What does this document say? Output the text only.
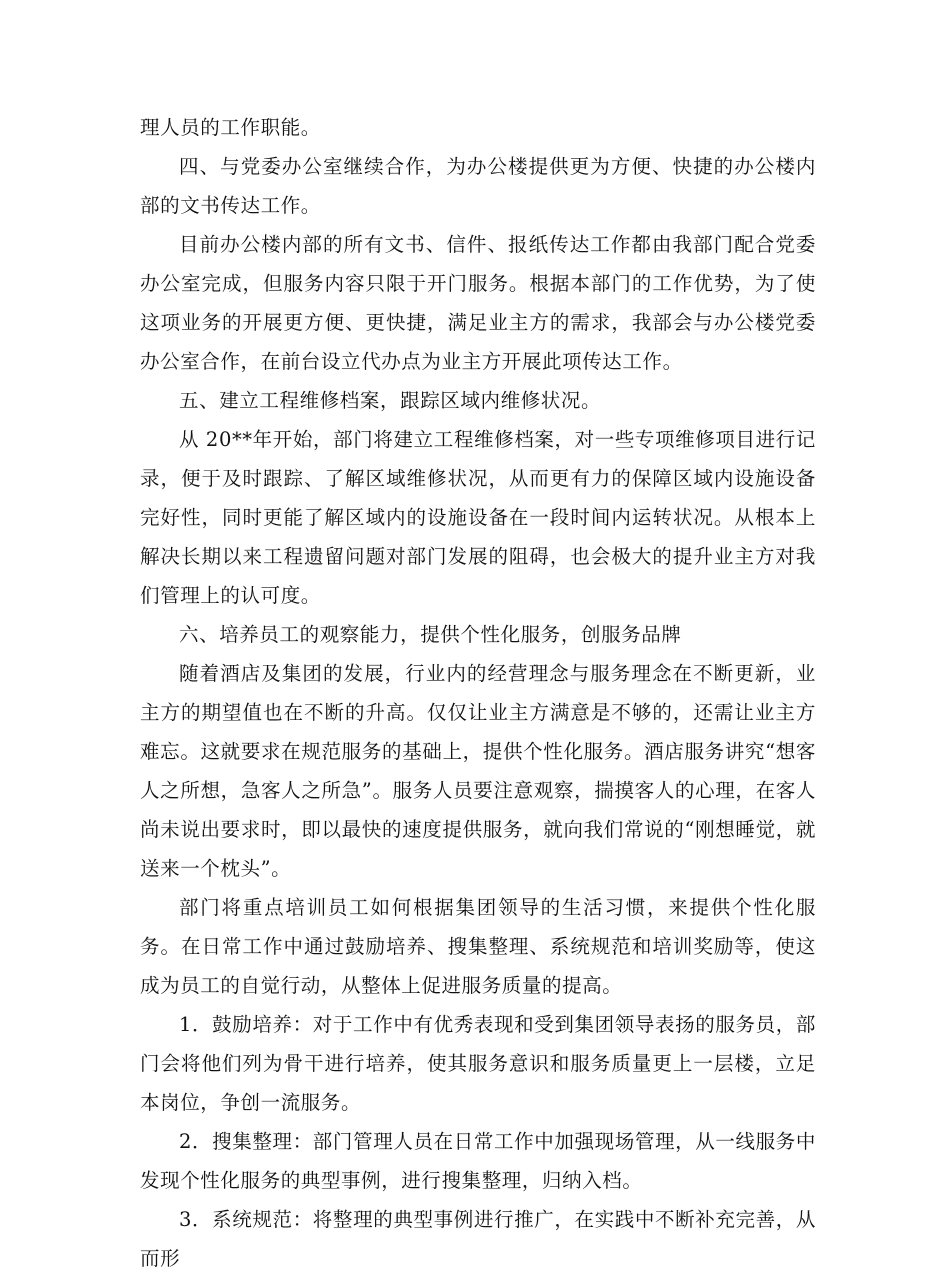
理人员的工作职能。

四、与党委办公室继续合作，为办公楼提供更为方便、快捷的办公楼内部的文书传达工作。

目前办公楼内部的所有文书、信件、报纸传达工作都由我部门配合党委办公室完成，但服务内容只限于开门服务。根据本部门的工作优势，为了使这项业务的开展更方便、更快捷，满足业主方的需求，我部会与办公楼党委办公室合作，在前台设立代办点为业主方开展此项传达工作。

五、建立工程维修档案，跟踪区域内维修状况。

从 20**年开始，部门将建立工程维修档案，对一些专项维修项目进行记录，便于及时跟踪、了解区域维修状况，从而更有力的保障区域内设施设备完好性，同时更能了解区域内的设施设备在一段时间内运转状况。从根本上解决长期以来工程遗留问题对部门发展的阻碍，也会极大的提升业主方对我们管理上的认可度。

六、培养员工的观察能力，提供个性化服务，创服务品牌

随着酒店及集团的发展，行业内的经营理念与服务理念在不断更新，业主方的期望值也在不断的升高。仅仅让业主方满意是不够的，还需让业主方难忘。这就要求在规范服务的基础上，提供个性化服务。酒店服务讲究“想客人之所想，急客人之所急”。服务人员要注意观察，揣摸客人的心理，在客人尚未说出要求时，即以最快的速度提供服务，就向我们常说的“刚想睡觉，就送来一个枕头”。

部门将重点培训员工如何根据集团领导的生活习惯，来提供个性化服务。在日常工作中通过鼓励培养、搜集整理、系统规范和培训奖励等，使这成为员工的自觉行动，从整体上促进服务质量的提高。

1．鼓励培养：对于工作中有优秀表现和受到集团领导表扬的服务员，部门会将他们列为骨干进行培养，使其服务意识和服务质量更上一层楼，立足本岗位，争创一流服务。

2．搜集整理：部门管理人员在日常工作中加强现场管理，从一线服务中发现个性化服务的典型事例，进行搜集整理，归纳入档。

3．系统规范：将整理的典型事例进行推广，在实践中不断补充完善，从而形
